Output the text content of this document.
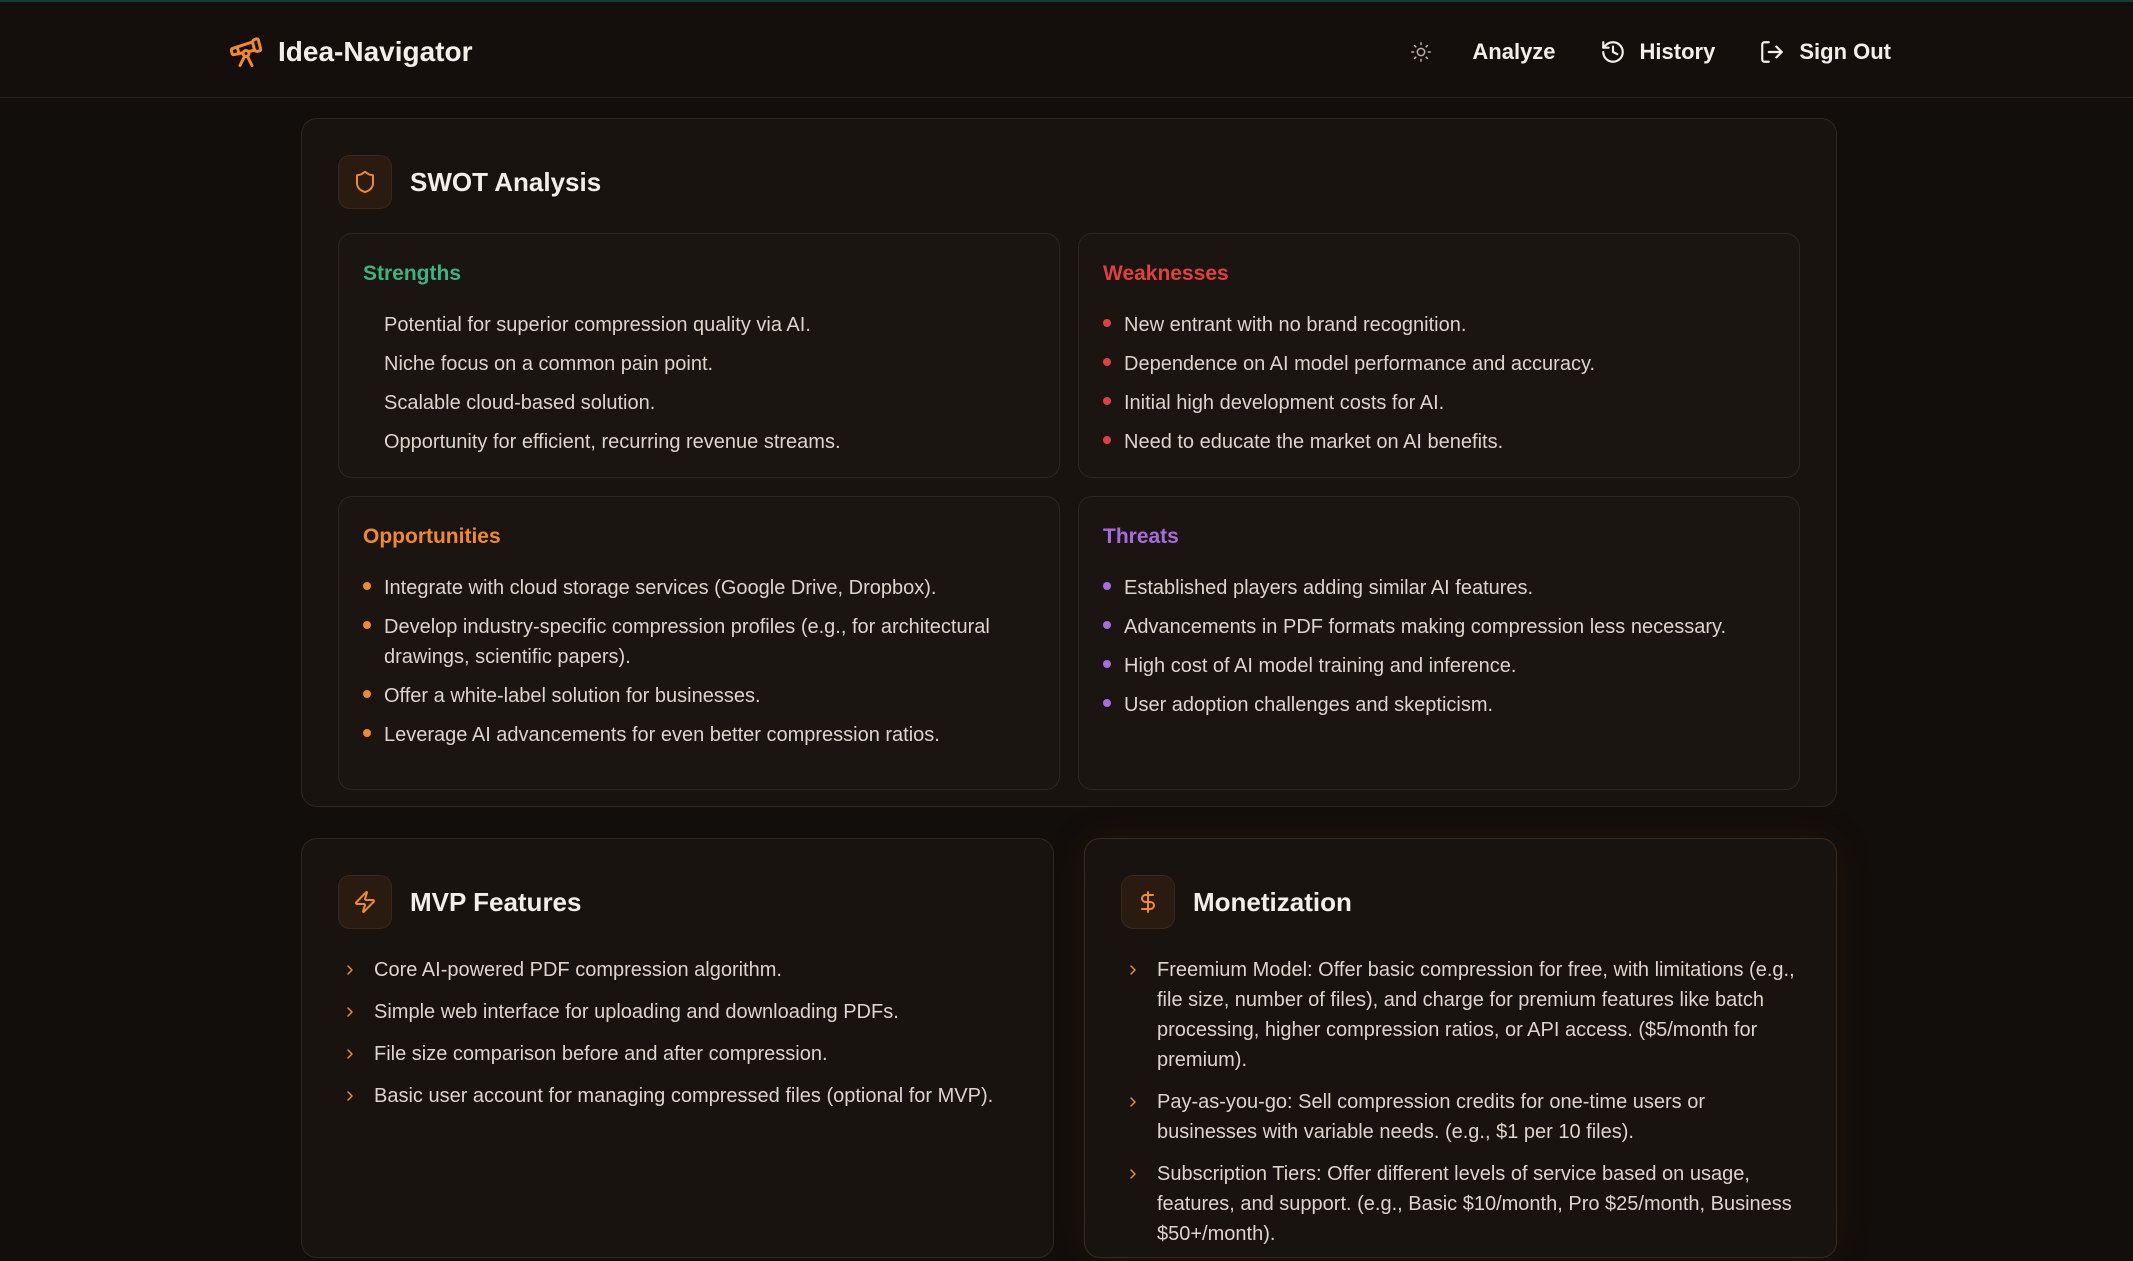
Idea-Navigator	Analyze	History	Sign Out
SWOT Analysis
Strengths
Potential for superior compression quality via AI.
Niche focus on a common pain point.
Scalable cloud-based solution.
Opportunity for efficient, recurring revenue streams.
Weaknesses
New entrant with no brand recognition.
Dependence on AI model performance and accuracy.
Initial high development costs for AI.
Need to educate the market on AI benefits.
Opportunities
Integrate with cloud storage services (Google Drive, Dropbox).
Develop industry-specific compression profiles (e.g., for architectural drawings, scientific papers).
Offer a white-label solution for businesses.
Leverage AI advancements for even better compression ratios.
Threats
Established players adding similar AI features.
Advancements in PDF formats making compression less necessary.
High cost of AI model training and inference.
User adoption challenges and skepticism.
MVP Features
Core AI-powered PDF compression algorithm.
Simple web interface for uploading and downloading PDFs.
File size comparison before and after compression.
Basic user account for managing compressed files (optional for MVP).
Monetization
Freemium Model: Offer basic compression for free, with limitations (e.g., file size, number of files), and charge for premium features like batch processing, higher compression ratios, or API access. ($5/month for premium).
Pay-as-you-go: Sell compression credits for one-time users or businesses with variable needs. (e.g., $1 per 10 files).
Subscription Tiers: Offer different levels of service based on usage, features, and support. (e.g., Basic $10/month, Pro $25/month, Business $50+/month).
